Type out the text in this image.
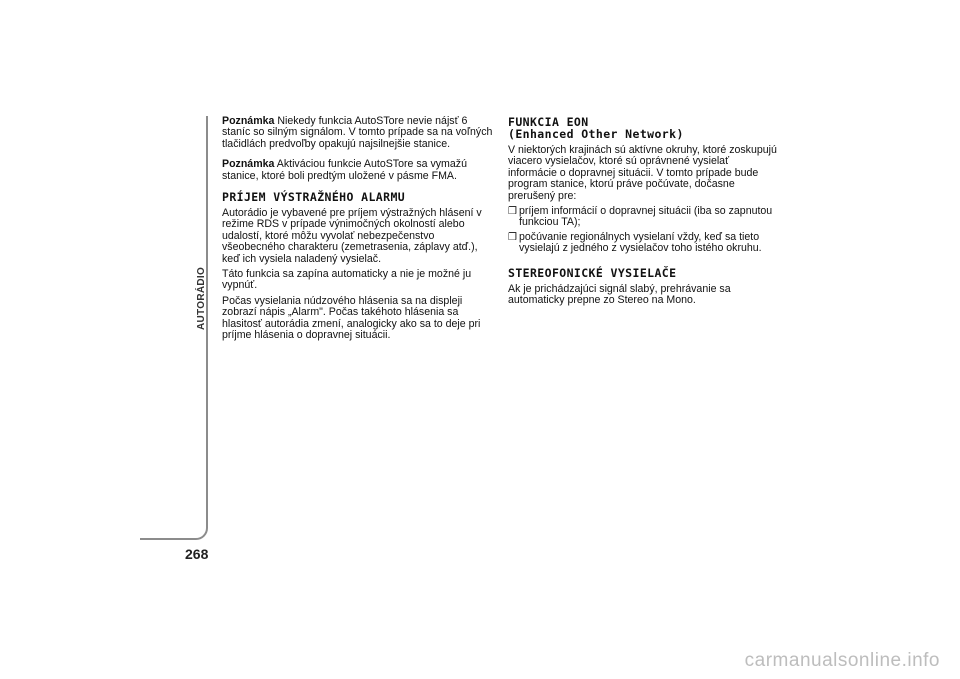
AUTORÁDIO
268

Poznámka Niekedy funkcia AutoSTore nevie nájsť 6 staníc so silným signálom. V tomto prípade sa na voľných tlačidlách predvoľby opakujú najsilnejšie stanice.

Poznámka Aktiváciou funkcie AutoSTore sa vymažú stanice, ktoré boli predtým uložené v pásme FMA.

PRÍJEM VÝSTRAŽNÉHO ALARMU

Autorádio je vybavené pre príjem výstražných hlásení v režime RDS v prípade výnimočných okolností alebo udalostí, ktoré môžu vyvolať nebezpečenstvo všeobecného charakteru (zemetrasenia, záplavy atď.), keď ich vysiela naladený vysielač.

Táto funkcia sa zapína automaticky a nie je možné ju vypnúť.

Počas vysielania núdzového hlásenia sa na displeji zobrazí nápis „Alarm". Počas takéhoto hlásenia sa hlasitosť autorádia zmení, analogicky ako sa to deje pri príjme hlásenia o dopravnej situácii.

FUNKCIA EON
(Enhanced Other Network)

V niektorých krajinách sú aktívne okruhy, ktoré zoskupujú viacero vysielačov, ktoré sú oprávnené vysielať informácie o dopravnej situácii. V tomto prípade bude program stanice, ktorú práve počúvate, dočasne prerušený pre:

❒ príjem informácií o dopravnej situácii (iba so zapnutou funkciou TA);
❒ počúvanie regionálnych vysielaní vždy, keď sa tieto vysielajú z jedného z vysielačov toho istého okruhu.
STEREOFONICKÉ VYSIELAČE

Ak je prichádzajúci signál slabý, prehrávanie sa automaticky prepne zo Stereo na Mono.

carmanualsonline.info
